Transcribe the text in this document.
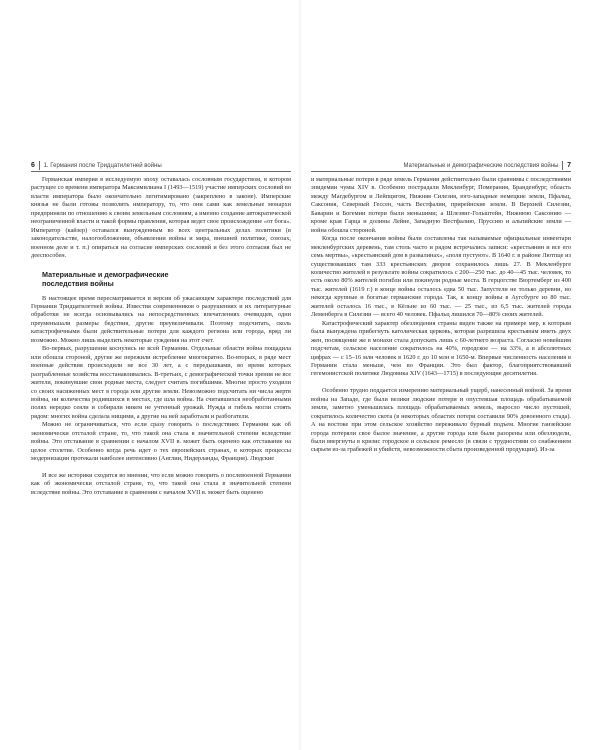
6 1. Германия после Тридцатилетней войны

Германская империя в исследуемую эпоху оставалась сословным государством, в котором растущее со времени императора Максимилиана I (1493—1519) участие имперских сословий во власти императора было окончательно легитимировано (закреплено в законе). Имперские князья не были готовы позволить императору, то, что они сами как земельные монархи предприняли по отношению к своим земельным сословиям, а именно создание автократической неограниченной власти и такой формы правления, которая ведет свое происхождение «от бога». Император (кайзер) оставался вынужденным во всех центральных делах политики (в законодательстве, налогообложении, объявлении войны и мира, внешней политике, союзах, военном деле и т. п.) опираться на согласие имперских сословий и без этого согласия был не дееспособен.

Материальные и демографические
последствия войны

В настоящее время пересматривается и версия об ужасающем характере последствий для Германии Тридцатилетней войны. Известия современников о разрушениях и их литературные обработки не всегда основывались на непосредственных впечатлениях очевидцев, одни преуменьшали размеры бедствия, другие преувеличивали. Поэтому подсчитать, сколь катастрофичными были действительные потери для каждого региона или города, вряд ли возможно. Можно лишь выделить некоторые суждения на этот счет.

Во-первых, разрушения коснулись не всей Германии. Отдельные области война пощадила или обошла стороной, другие же пережили истребление многократно. Во-вторых, в ряде мест военные действия происходили не все 30 лет, а с передышками, во время которых разграбленные хозяйства восстанавливались. В-третьих, с демографической точки зрения не все жители, покинувшие свои родные места, следует считать погибшими. Многие просто уходили со своих насиженных мест в города или другие земли. Невозможно подсчитать ни числа жертв войны, ни количества родившихся в местах, где шла война. На считавшихся необработанными полях нередко сеяли и собирали никем не учтенный урожай. Нужда и гибель могли стоять рядом: многих война сделала нищими, а другие на ней заработали и разбогатели.

Можно не ограничиваться, что если сразу говорить о последствиях Германии как об экономически отсталой стране, то, что такой она стала в значительной степени вследствие войны. Это отставание в сравнении с началом XVII в. может быть оценено как отставание на целое столетие. Особенно когда речь идет о тех европейских странах, в которых процессы модернизации протекали наиболее интенсивно (Англии, Нидерланды, Франция). Людские

И все же историки сходятся во мнении, что если можно говорить о послевоенной Германии как об экономически отсталой стране, то, что такой она стала в значительной степени вследствие войны. Это отставание в сравнении с началом XVII в. может быть оценено

Материальные и демографические последствия войны 7

и материальные потери в ряде земель Германии действительно были сравнимы с последствиями эпидемии чумы XIV в. Особенно пострадали Мекленбург, Померания, Бранденбург, область между Магдебургом и Лейпцигом, Нижняя Силезия, юго-западные немецкие земли, Пфальц, Саксония, Северный Гессен, часть Вестфалии, прирейнские земли. В Верхней Силезии, Баварии и Богемии потери были меньшими; а Шлезвиг-Гольштейн, Нижнюю Саксонию — кроме края Гарца и долины Лейне, Западную Вестфалию, Пруссию и альпийские земли — война обошла стороной.

Когда после окончания войны были составлены так называемые официальные инвентари мекленбургских деревень, там столь часто и рядом встречались записи: «крестьянин и все его семь мертвы», «крестьянский дом в развалинах», «поля пустуют». В 1640 г. в районе Лютпце из существовавших там 333 крестьянских дворов сохранилось лишь 27. В Мекленбурге количество жителей в результате войны сократилось с 200—250 тыс. до 40—45 тыс. человек, то есть около 80% жителей погибли или покинули родные места. В герцогстве Вюртемберг из 400 тыс. жителей (1619 г.) в конце войны осталось едва 50 тыс. Запустели не только деревни, но некогда крупные и богатые германские города. Так, к концу войны в Аугсбурге из 80 тыс. жителей осталось 16 тыс., в Кёльне из 60 тыс. — 25 тыс., из 6,5 тыс. жителей города Леменберга в Силезии — всего 40 человек. Пфальц лишился 70—80% своих жителей.

Катастрофический характер обезлюдения страны виден также на примере мер, к которым была вынуждена прибегнуть католическая церковь, которая разрешила крестьянам иметь двух жен, посвящение же в монахи стала допускать лишь с 60-летнего возраста. Согласно новейшим подсчетам, сельское население сократилось на 40%, городское — на 33%, а в абсолютных цифрах — с 15–16 млн человек в 1620 г. до 10 млн в 1650-м. Впервые численность населения в Германии стала меньше, чем во Франции. Это был фактор, благоприятствовавший гегемонистской политике Людовика XIV (1643—1715) в последующие десятилетия.

Особенно трудно поддается измерению материальный ущерб, нанесенный войной. За время войны на Западе, где были велики людские потери и опустевшая площадь обрабатываемой земли, заметно уменьшилась площадь обрабатываемых земель, выросло число пустошей, сократилось количество скота (в некоторых областях потери составили 90% довоенного стада). А на востоке при этом сельское хозяйство переживало бурный подъем. Многие ганзейские города потеряли свое былое значение, а другие города или были разорены или обезлюдели, были ввергнуты в кризис городское и сельское ремесло (в связи с трудностями со снабжением сырьем из-за грабежей и убийств, невозможности сбыта произведенной продукции). Из-за
